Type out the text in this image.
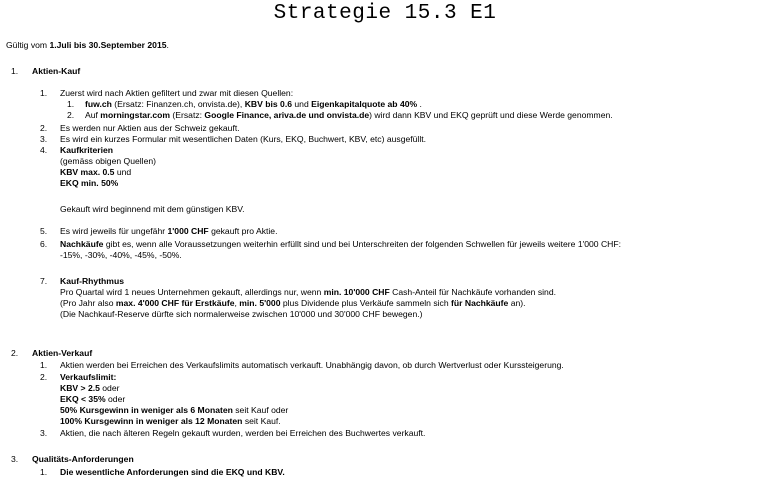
Strategie 15.3 E1
Gültig vom 1.Juli bis 30.September 2015.
1. Aktien-Kauf
1. Zuerst wird nach Aktien gefiltert und zwar mit diesen Quellen:
1. fuw.ch (Ersatz: Finanzen.ch, onvista.de), KBV bis 0.6 und Eigenkapitalquote ab 40% .
2. Auf morningstar.com (Ersatz: Google Finance, ariva.de und onvista.de) wird dann KBV und EKQ geprüft und diese Werde genommen.
2. Es werden nur Aktien aus der Schweiz gekauft.
3. Es wird ein kurzes Formular mit wesentlichen Daten (Kurs, EKQ, Buchwert, KBV, etc) ausgefüllt.
4. Kaufkriterien
(gemäss obigen Quellen)
KBV max. 0.5 und
EKQ min. 50%
Gekauft wird beginnend mit dem günstigen KBV.
5. Es wird jeweils für ungefähr 1'000 CHF gekauft pro Aktie.
6. Nachkäufe gibt es, wenn alle Voraussetzungen weiterhin erfüllt sind und bei Unterschreiten der folgenden Schwellen für jeweils weitere 1'000 CHF:
-15%, -30%, -40%, -45%, -50%.
7. Kauf-Rhythmus
Pro Quartal wird 1 neues Unternehmen gekauft, allerdings nur, wenn min. 10'000 CHF Cash-Anteil für Nachkäufe vorhanden sind.
(Pro Jahr also max. 4'000 CHF für Erstkäufe, min. 5'000 plus Dividende plus Verkäufe sammeln sich für Nachkäufe an).
(Die Nachkauf-Reserve dürfte sich normalerweise zwischen 10'000 und 30'000 CHF bewegen.)
2. Aktien-Verkauf
1. Aktien werden bei Erreichen des Verkaufslimits automatisch verkauft. Unabhängig davon, ob durch Wertverlust oder Kurssteigerung.
2. Verkaufslimit:
KBV > 2.5 oder
EKQ < 35% oder
50% Kursgewinn in weniger als 6 Monaten seit Kauf oder
100% Kursgewinn in weniger als 12 Monaten seit Kauf.
3. Aktien, die nach älteren Regeln gekauft wurden, werden bei Erreichen des Buchwertes verkauft.
3. Qualitäts-Anforderungen
1. Die wesentliche Anforderungen sind die EKQ und KBV.
